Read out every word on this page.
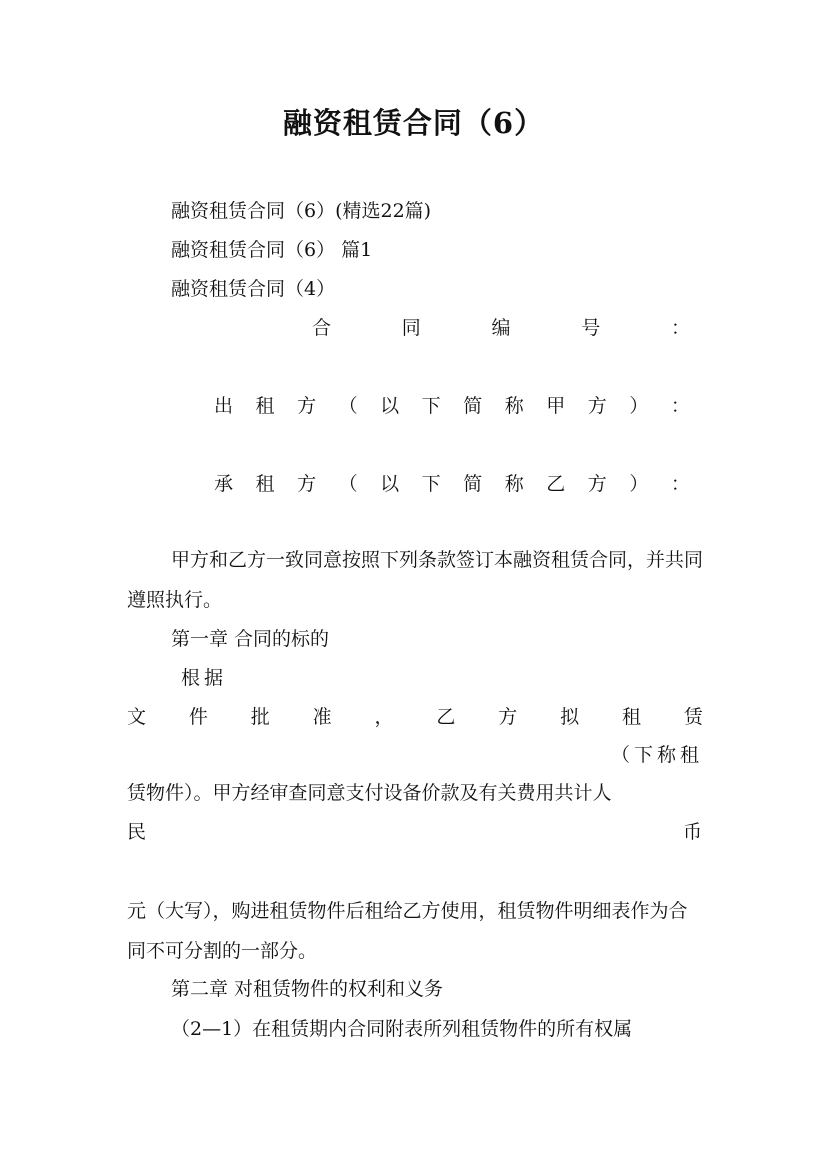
融资租赁合同（6）
融资租赁合同（6）(精选22篇)
融资租赁合同（6） 篇1
融资租赁合同（4）
合	同	编	号	：
出 租 方 （ 以 下 简 称 甲 方 ） ：
承 租 方 （ 以 下 简 称 乙 方 ） ：
甲方和乙方一致同意按照下列条款签订本融资租赁合同，并共同遵照执行。
第一章 合同的标的
根据
文 件 批 准 ， 乙 方 拟 租 赁
（下称租
赁物件）。甲方经审查同意支付设备价款及有关费用共计人
民	币
元（大写），购进租赁物件后租给乙方使用，租赁物件明细表作为合同不可分割的一部分。
第二章 对租赁物件的权利和义务
（2—1）在租赁期内合同附表所列租赁物件的所有权属
